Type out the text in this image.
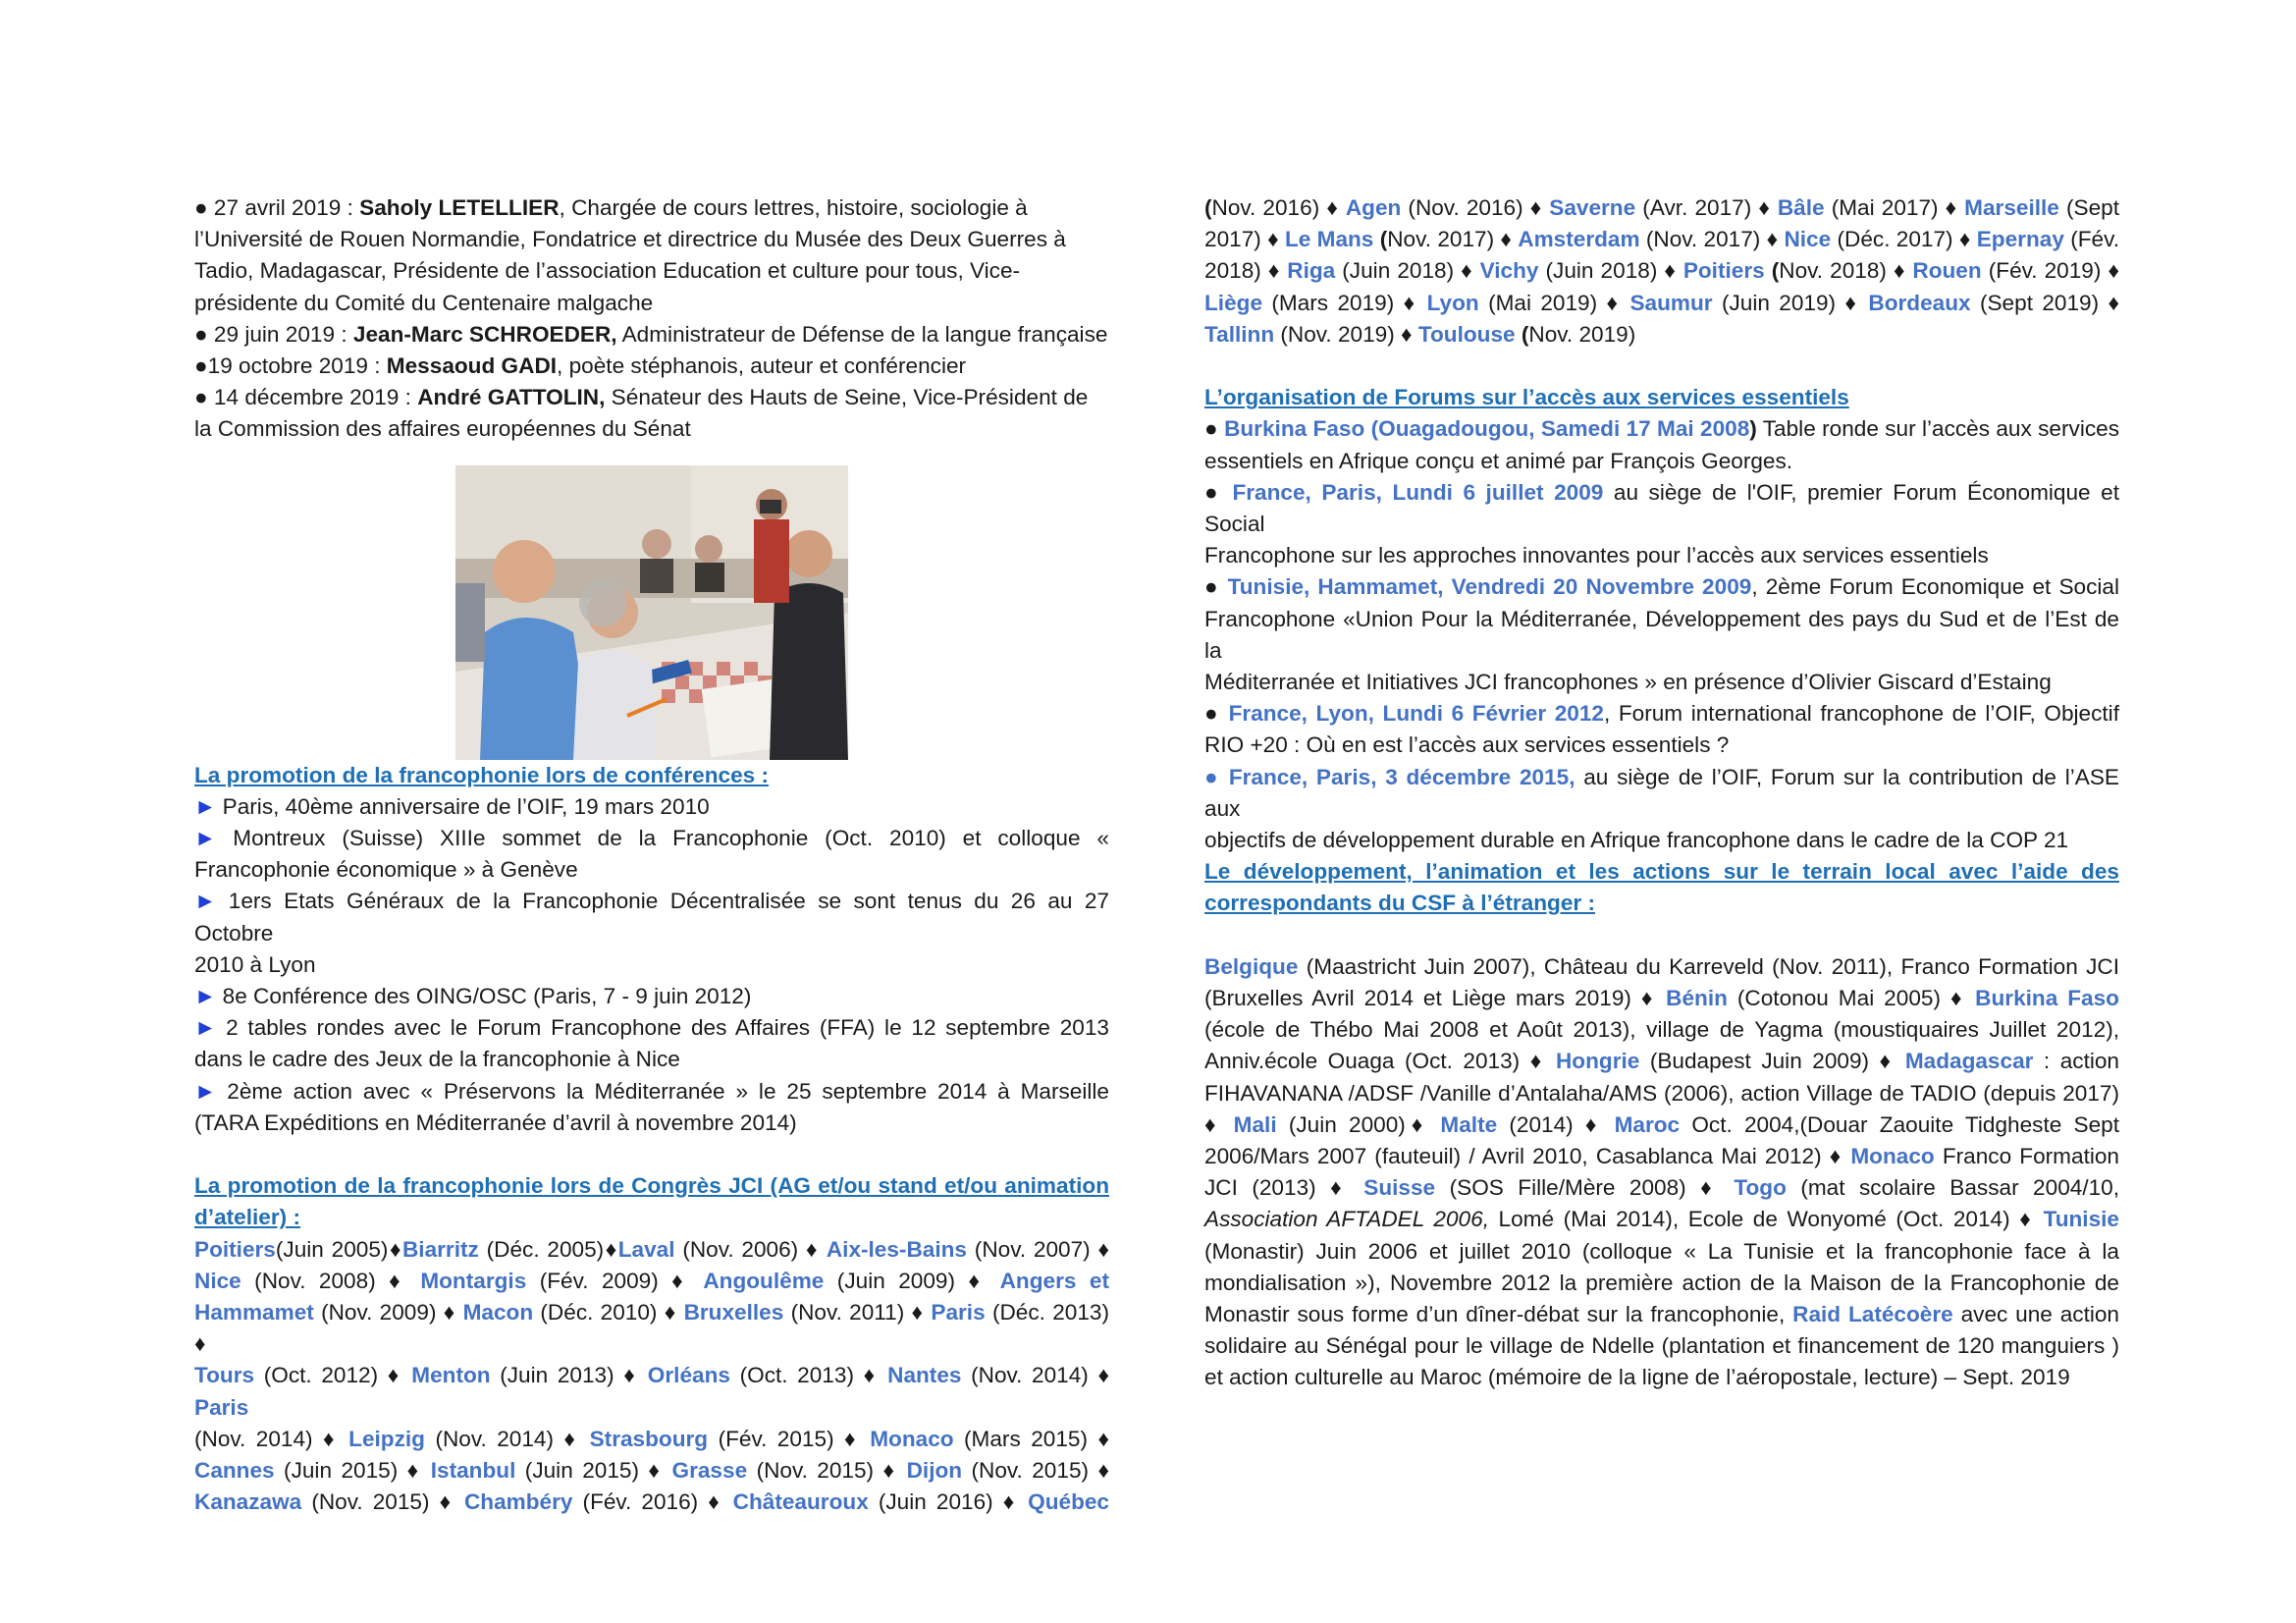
● 27 avril 2019 : Saholy LETELLIER, Chargée de cours lettres, histoire, sociologie à
l’Université de Rouen Normandie, Fondatrice et directrice du Musée des Deux Guerres à
Tadio, Madagascar, Présidente de l’association Education et culture pour tous, Vice-
présidente du Comité du Centenaire malgache
● 29 juin 2019 : Jean-Marc SCHROEDER, Administrateur de Défense de la langue française
●19 octobre 2019 : Messaoud GADI, poète stéphanois, auteur et conférencier
● 14 décembre 2019 : André GATTOLIN, Sénateur des Hauts de Seine, Vice-Président de
la Commission des affaires européennes du Sénat
La promotion de la francophonie lors de conférences :
► Paris, 40ème anniversaire de l’OIF, 19 mars 2010
► Montreux (Suisse) XIIIe sommet de la Francophonie (Oct. 2010) et colloque «
Francophonie économique » à Genève
► 1ers Etats Généraux de la Francophonie Décentralisée se sont tenus du 26 au 27 Octobre
2010 à Lyon
► 8e Conférence des OING/OSC (Paris, 7 - 9 juin 2012)
► 2 tables rondes avec le Forum Francophone des Affaires (FFA) le 12 septembre 2013
dans le cadre des Jeux de la francophonie à Nice
► 2ème action avec « Préservons la Méditerranée » le 25 septembre 2014 à Marseille
(TARA Expéditions en Méditerranée d’avril à novembre 2014)
La promotion de la francophonie lors de Congrès JCI (AG et/ou stand et/ou animation
d’atelier) :
Poitiers(Juin 2005)♦Biarritz (Déc. 2005)♦Laval (Nov. 2006) ♦ Aix-les-Bains (Nov. 2007) ♦
Nice (Nov. 2008) ♦ Montargis (Fév. 2009) ♦ Angoulême (Juin 2009) ♦ Angers et
Hammamet (Nov. 2009) ♦ Macon (Déc. 2010) ♦ Bruxelles (Nov. 2011) ♦ Paris (Déc. 2013) ♦
Tours (Oct. 2012) ♦ Menton (Juin 2013) ♦ Orléans (Oct. 2013) ♦ Nantes (Nov. 2014) ♦ Paris
(Nov. 2014) ♦ Leipzig (Nov. 2014) ♦ Strasbourg (Fév. 2015) ♦ Monaco (Mars 2015) ♦
Cannes (Juin 2015) ♦ Istanbul (Juin 2015) ♦ Grasse (Nov. 2015) ♦ Dijon (Nov. 2015) ♦
Kanazawa (Nov. 2015) ♦ Chambéry (Fév. 2016) ♦ Châteauroux (Juin 2016) ♦ Québec
(Nov. 2016) ♦ Agen (Nov. 2016) ♦ Saverne (Avr. 2017) ♦ Bâle (Mai 2017) ♦ Marseille (Sept
2017) ♦ Le Mans (Nov. 2017) ♦ Amsterdam (Nov. 2017) ♦ Nice (Déc. 2017) ♦ Epernay (Fév.
2018) ♦ Riga (Juin 2018) ♦ Vichy (Juin 2018) ♦ Poitiers (Nov. 2018) ♦ Rouen (Fév. 2019) ♦
Liège (Mars 2019) ♦ Lyon (Mai 2019) ♦ Saumur (Juin 2019) ♦ Bordeaux (Sept 2019) ♦
Tallinn (Nov. 2019) ♦ Toulouse (Nov. 2019)
L’organisation de Forums sur l’accès aux services essentiels
● Burkina Faso (Ouagadougou, Samedi 17 Mai 2008) Table ronde sur l’accès aux services
essentiels en Afrique conçu et animé par François Georges.
● France, Paris, Lundi 6 juillet 2009 au siège de l'OIF, premier Forum Économique et Social
Francophone sur les approches innovantes pour l’accès aux services essentiels
● Tunisie, Hammamet, Vendredi 20 Novembre 2009, 2ème Forum Economique et Social
Francophone «Union Pour la Méditerranée, Développement des pays du Sud et de l’Est de la
Méditerranée et Initiatives JCI francophones » en présence d’Olivier Giscard d’Estaing
● France, Lyon, Lundi 6 Février 2012, Forum international francophone de l’OIF, Objectif
RIO +20 : Où en est l’accès aux services essentiels ?
● France, Paris, 3 décembre 2015, au siège de l’OIF, Forum sur la contribution de l’ASE aux
objectifs de développement durable en Afrique francophone dans le cadre de la COP 21
Le développement, l’animation et les actions sur le terrain local avec l’aide des
correspondants du CSF à l’étranger :
Belgique (Maastricht Juin 2007), Château du Karreveld (Nov. 2011), Franco Formation JCI
(Bruxelles Avril 2014 et Liège mars 2019) ♦ Bénin (Cotonou Mai 2005) ♦ Burkina Faso
(école de Thébo Mai 2008 et Août 2013), village de Yagma (moustiquaires Juillet 2012),
Anniv.école Ouaga (Oct. 2013) ♦ Hongrie (Budapest Juin 2009) ♦ Madagascar : action
FIHAVANANA /ADSF /Vanille d’Antalaha/AMS (2006), action Village de TADIO (depuis 2017)
♦ Mali (Juin 2000)♦ Malte (2014) ♦ Maroc Oct. 2004,(Douar Zaouite Tidgheste Sept
2006/Mars 2007 (fauteuil) / Avril 2010, Casablanca Mai 2012) ♦ Monaco Franco Formation
JCI (2013) ♦ Suisse (SOS Fille/Mère 2008) ♦ Togo (mat scolaire Bassar 2004/10,
Association AFTADEL 2006, Lomé (Mai 2014), Ecole de Wonyomé (Oct. 2014) ♦ Tunisie
(Monastir) Juin 2006 et juillet 2010 (colloque « La Tunisie et la francophonie face à la
mondialisation »), Novembre 2012 la première action de la Maison de la Francophonie de
Monastir sous forme d’un dîner-débat sur la francophonie, Raid Latécoère avec une action
solidaire au Sénégal pour le village de Ndelle (plantation et financement de 120 manguiers )
et action culturelle au Maroc (mémoire de la ligne de l’aéropostale, lecture) – Sept. 2019
